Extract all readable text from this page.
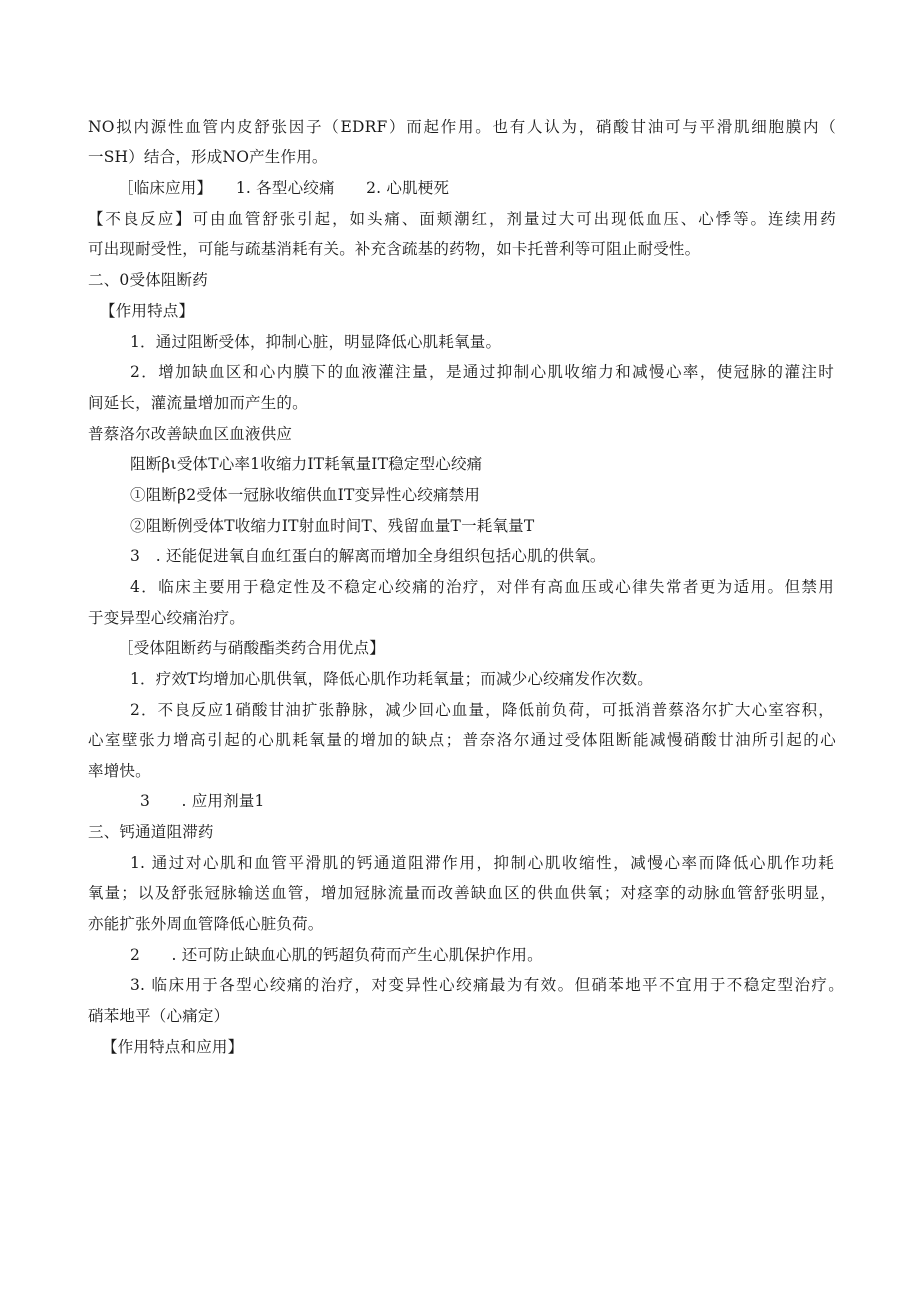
NO拟内源性血管内皮舒张因子（EDRF）而起作用。也有人认为，硝酸甘油可与平滑肌细胞膜内（
一SH）结合，形成NO产生作用。
［临床应用】　　1. 各型心绞痛　　2. 心肌梗死
【不良反应】可由血管舒张引起，如头痛、面颊潮红，剂量过大可出现低血压、心悸等。连续用药
可出现耐受性，可能与疏基消耗有关。补充含疏基的药物，如卡托普利等可阻止耐受性。
二、0受体阻断药
【作用特点】
1．通过阻断受体，抑制心脏，明显降低心肌耗氧量。
2．增加缺血区和心内膜下的血液灌注量，是通过抑制心肌收缩力和减慢心率，使冠脉的灌注时
间延长，灌流量增加而产生的。
普蔡洛尔改善缺血区血液供应
阻断βι受体T心率1收缩力IT耗氧量IT稳定型心绞痛
①阻断β2受体一冠脉收缩供血IT变异性心绞痛禁用
②阻断例受体T收缩力IT射血时间T、残留血量T一耗氧量T
3　. 还能促进氧自血红蛋白的解离而增加全身组织包括心肌的供氧。
4．临床主要用于稳定性及不稳定心绞痛的治疗，对伴有高血压或心律失常者更为适用。但禁用
于变异型心绞痛治疗。
［受体阻断药与硝酸酯类药合用优点】
1．疗效T均增加心肌供氧，降低心肌作功耗氧量；而减少心绞痛发作次数。
2．不良反应1硝酸甘油扩张静脉，减少回心血量，降低前负荷，可抵消普蔡洛尔扩大心室容积，
心室壁张力增高引起的心肌耗氧量的增加的缺点；普奈洛尔通过受体阻断能减慢硝酸廿油所引起的心
率增快。
3　　. 应用剂量1
三、钙通道阻滞药
1. 通过对心肌和血管平滑肌的钙通道阻滞作用，抑制心肌收缩性，减慢心率而降低心肌作功耗
氧量；以及舒张冠脉输送血管，增加冠脉流量而改善缺血区的供血供氧；对痉挛的动脉血管舒张明显，
亦能扩张外周血管降低心脏负荷。
2　　. 还可防止缺血心肌的钙超负荷而产生心肌保护作用。
3. 临床用于各型心绞痛的治疗，对变异性心绞痛最为有效。但硝苯地平不宜用于不稳定型治疗。
硝苯地平（心痛定）
【作用特点和应用】
